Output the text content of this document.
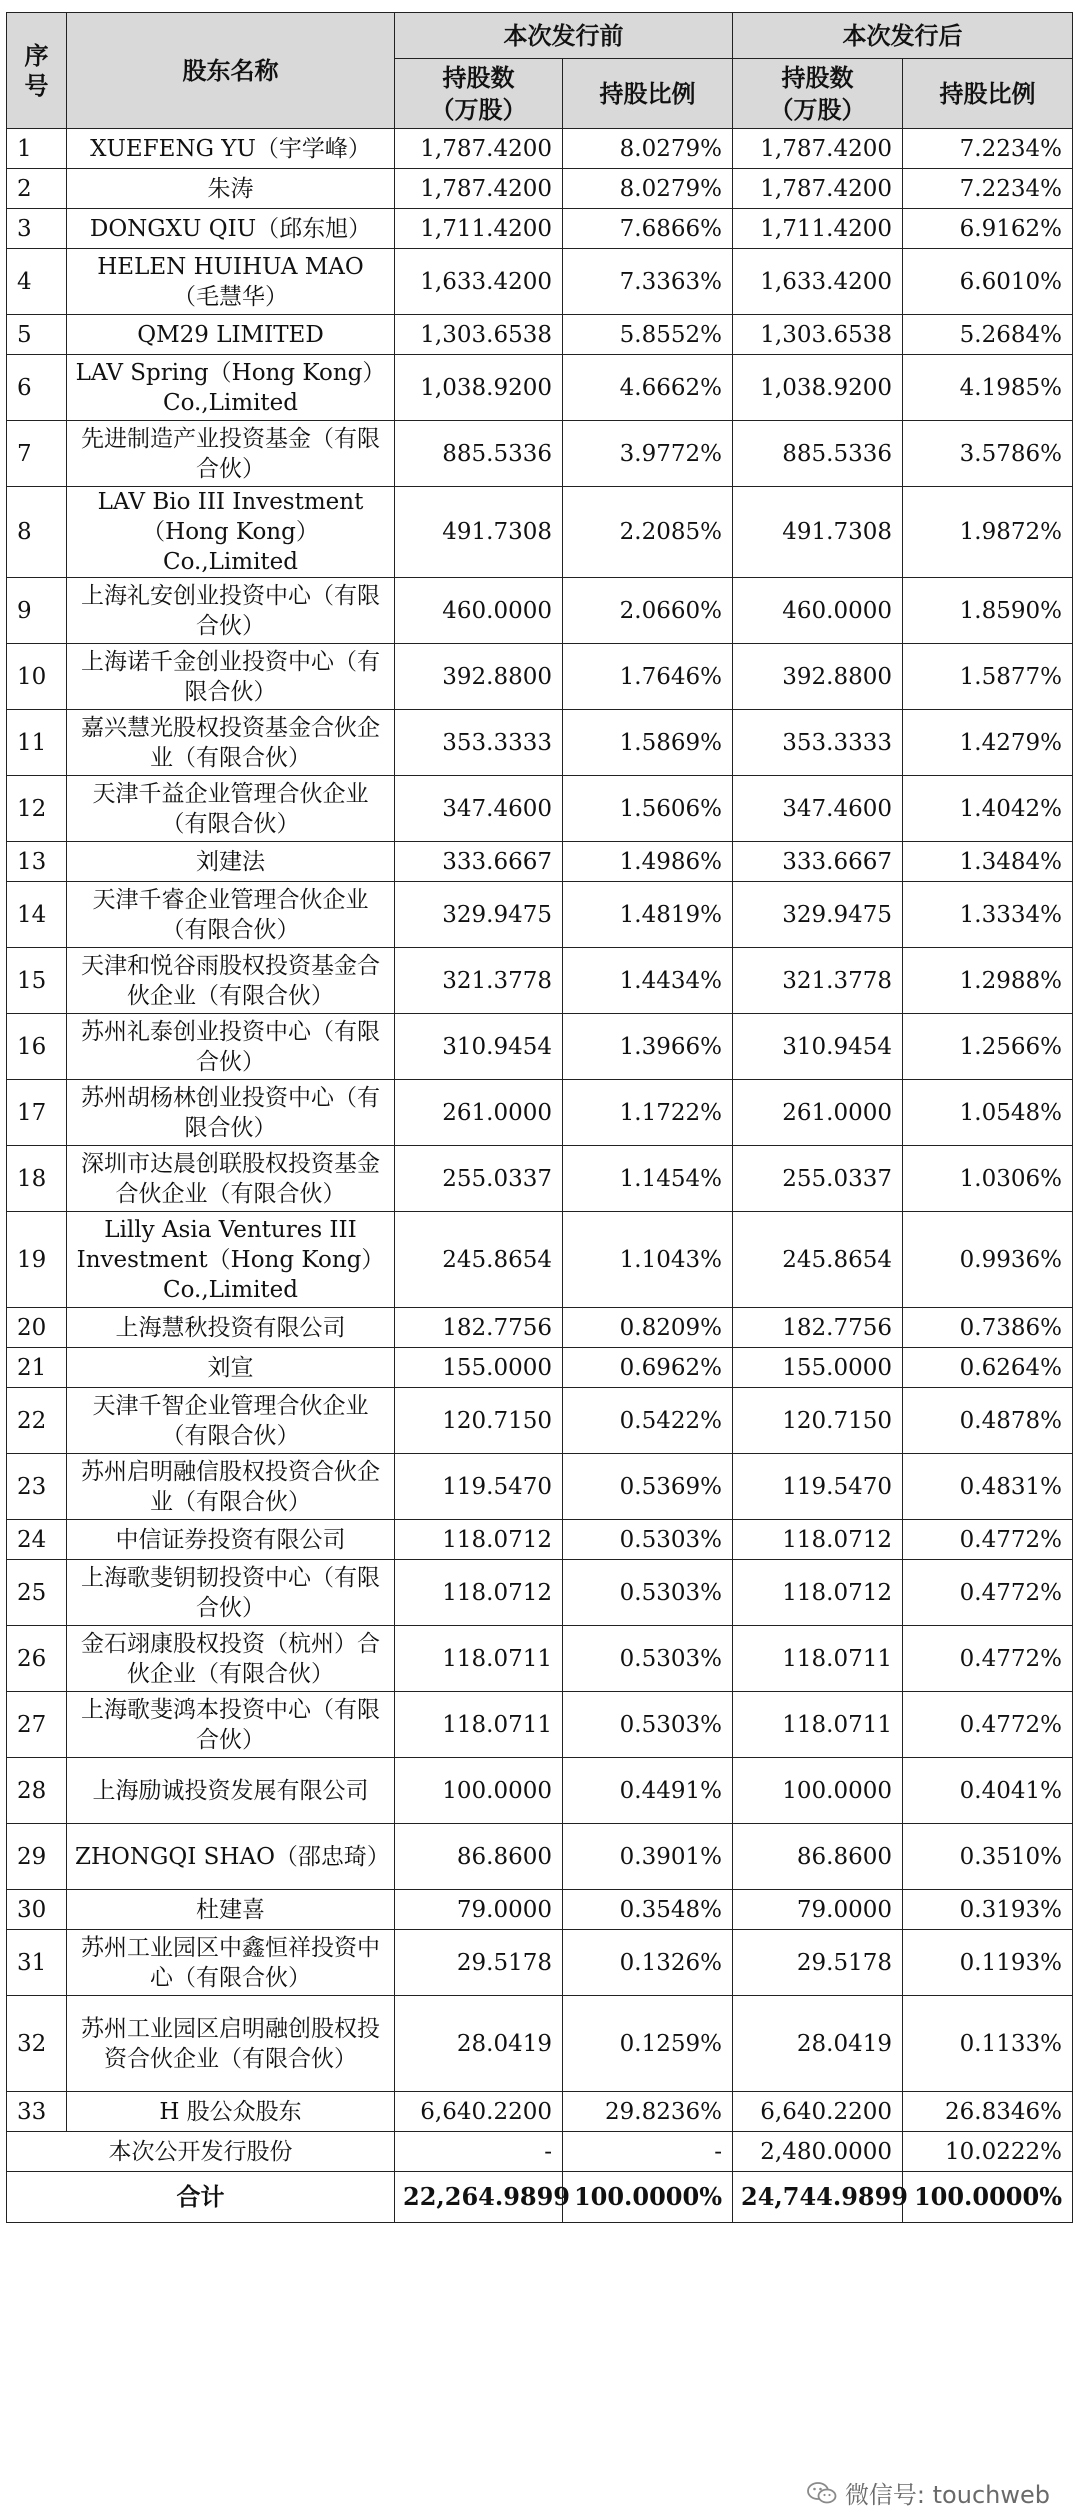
序号	股东名称	本次发行前		本次发行后	
		持股数（万股）	持股比例	持股数（万股）	持股比例
1	XUEFENG YU（宇学峰）	1,787.4200	8.0279%	1,787.4200	7.2234%
2	朱涛	1,787.4200	8.0279%	1,787.4200	7.2234%
3	DONGXU QIU（邱东旭）	1,711.4200	7.6866%	1,711.4200	6.9162%
4	HELEN HUIHUA MAO（毛慧华）	1,633.4200	7.3363%	1,633.4200	6.6010%
5	QM29 LIMITED	1,303.6538	5.8552%	1,303.6538	5.2684%
6	LAV Spring（Hong Kong）Co.,Limited	1,038.9200	4.6662%	1,038.9200	4.1985%
7	先进制造产业投资基金（有限合伙）	885.5336	3.9772%	885.5336	3.5786%
8	LAV Bio III Investment（Hong Kong）Co.,Limited	491.7308	2.2085%	491.7308	1.9872%
9	上海礼安创业投资中心（有限合伙）	460.0000	2.0660%	460.0000	1.8590%
10	上海诺千金创业投资中心（有限合伙）	392.8800	1.7646%	392.8800	1.5877%
11	嘉兴慧光股权投资基金合伙企业（有限合伙）	353.3333	1.5869%	353.3333	1.4279%
12	天津千益企业管理合伙企业（有限合伙）	347.4600	1.5606%	347.4600	1.4042%
13	刘建法	333.6667	1.4986%	333.6667	1.3484%
14	天津千睿企业管理合伙企业（有限合伙）	329.9475	1.4819%	329.9475	1.3334%
15	天津和悦谷雨股权投资基金合伙企业（有限合伙）	321.3778	1.4434%	321.3778	1.2988%
16	苏州礼泰创业投资中心（有限合伙）	310.9454	1.3966%	310.9454	1.2566%
17	苏州胡杨林创业投资中心（有限合伙）	261.0000	1.1722%	261.0000	1.0548%
18	深圳市达晨创联股权投资基金合伙企业（有限合伙）	255.0337	1.1454%	255.0337	1.0306%
19	Lilly Asia Ventures III Investment（Hong Kong）Co.,Limited	245.8654	1.1043%	245.8654	0.9936%
20	上海慧秋投资有限公司	182.7756	0.8209%	182.7756	0.7386%
21	刘宣	155.0000	0.6962%	155.0000	0.6264%
22	天津千智企业管理合伙企业（有限合伙）	120.7150	0.5422%	120.7150	0.4878%
23	苏州启明融信股权投资合伙企业（有限合伙）	119.5470	0.5369%	119.5470	0.4831%
24	中信证券投资有限公司	118.0712	0.5303%	118.0712	0.4772%
25	上海歌斐钥韧投资中心（有限合伙）	118.0712	0.5303%	118.0712	0.4772%
26	金石翊康股权投资（杭州）合伙企业（有限合伙）	118.0711	0.5303%	118.0711	0.4772%
27	上海歌斐鸿本投资中心（有限合伙）	118.0711	0.5303%	118.0711	0.4772%
28	上海励诚投资发展有限公司	100.0000	0.4491%	100.0000	0.4041%
29	ZHONGQI SHAO（邵忠琦）	86.8600	0.3901%	86.8600	0.3510%
30	杜建喜	79.0000	0.3548%	79.0000	0.3193%
31	苏州工业园区中鑫恒祥投资中心（有限合伙）	29.5178	0.1326%	29.5178	0.1193%
32	苏州工业园区启明融创股权投资合伙企业（有限合伙）	28.0419	0.1259%	28.0419	0.1133%
33	H 股公众股东	6,640.2200	29.8236%	6,640.2200	26.8346%
本次公开发行股份		-	-	2,480.0000	10.0222%
合计		22,264.9899	100.0000%	24,744.9899	100.0000%
微信号: touchweb
